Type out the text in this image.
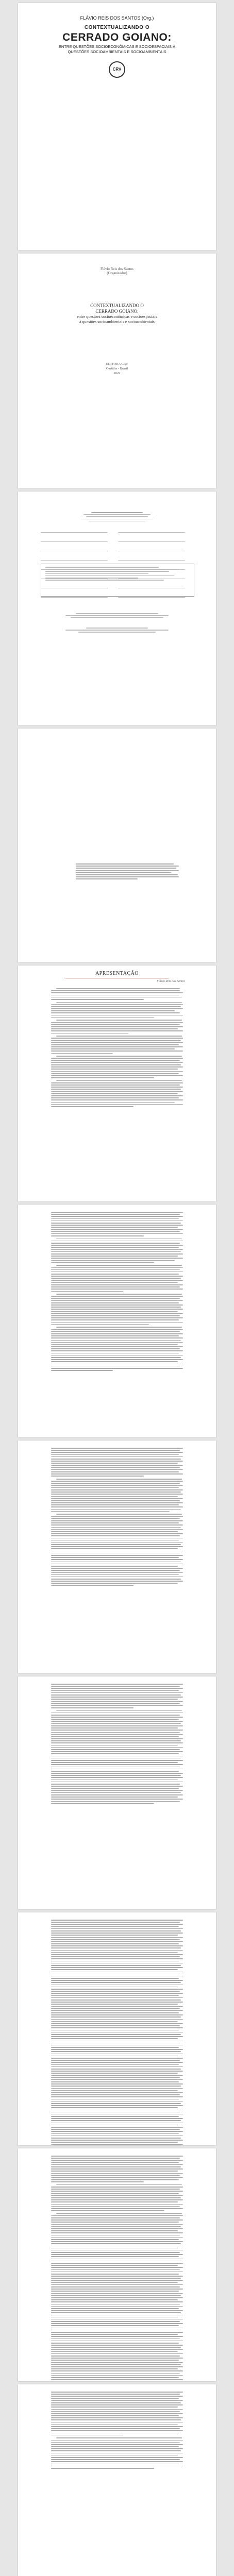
FLÁVIO REIS DOS SANTOS (Org.)
CONTEXTUALIZANDO O
CERRADO GOIANO:
ENTRE QUESTÕES SOCIOECONÔMICAS E SOCIOESPACIAIS À
QUESTÕES SOCIOAMBIENTAIS E SOCIOAMBIENTAIS
CRV
Flávio Reis dos Santos
(Organizador)
CONTEXTUALIZANDO O
CERRADO GOIANO:
entre questões socioeconômicas e socioespaciais
à questões socioambientais e socioambientais
EDITORA CRV
Curitiba - Brasil
2022

APRESENTAÇÃO
Flávio Reis dos Santos
